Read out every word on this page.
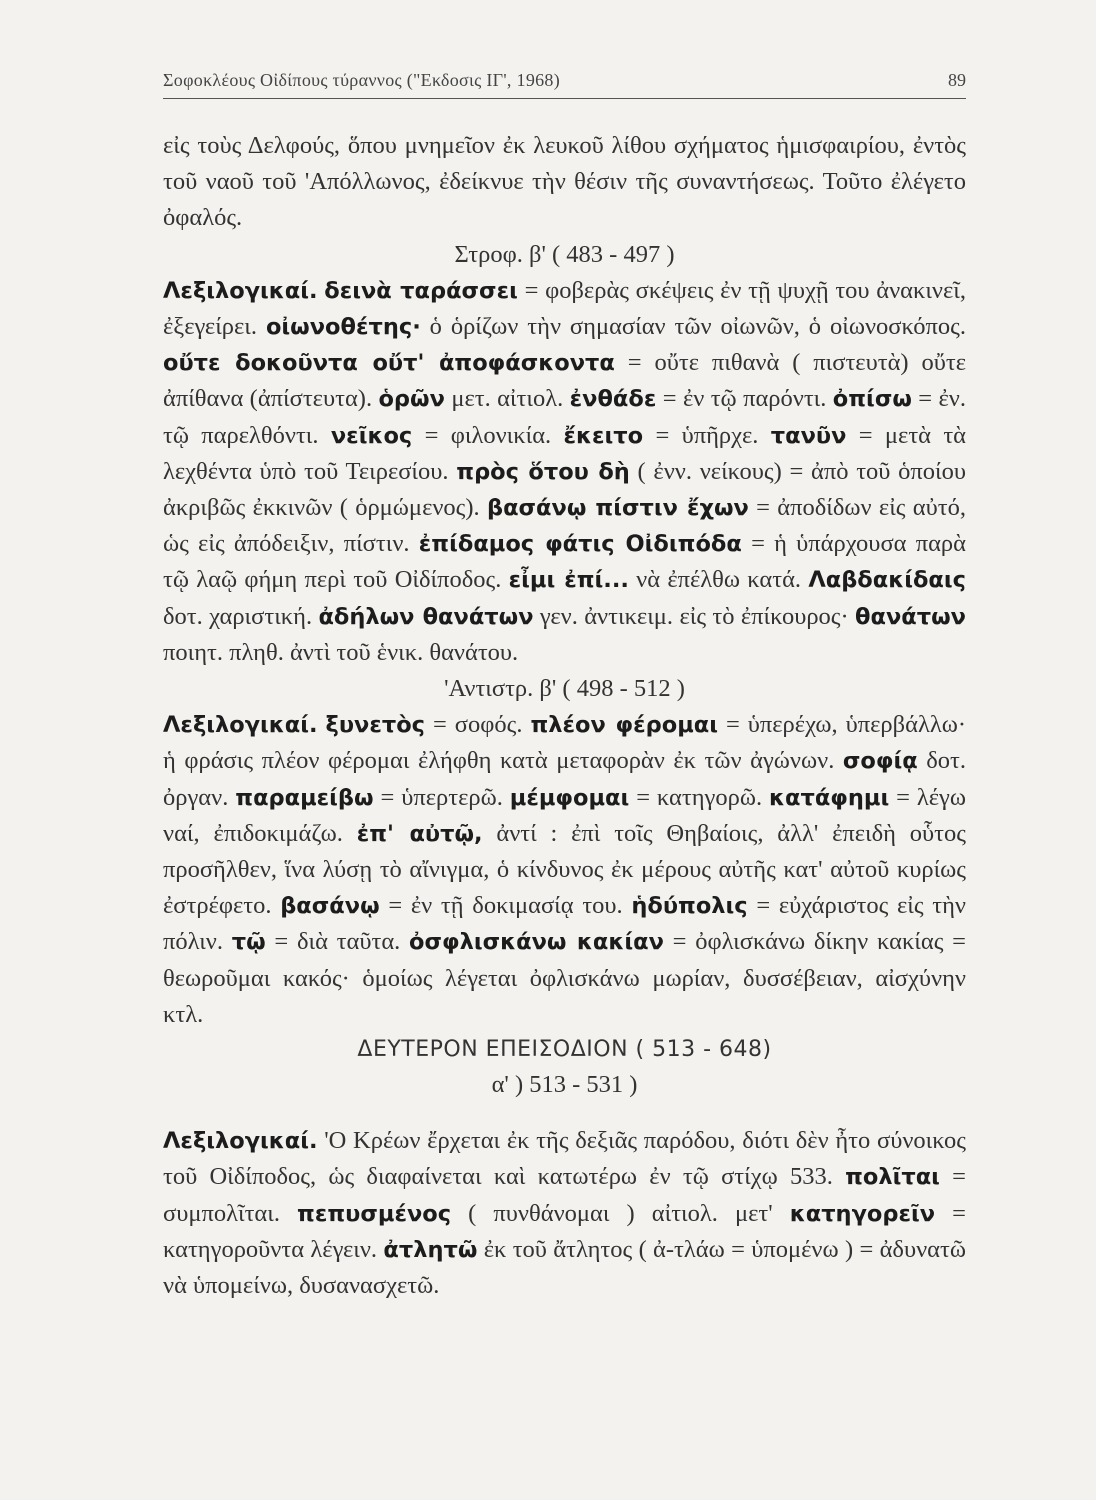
Σοφοκλέους Οἰδίπους τύραννος ("Εκδοσις ΙΓ', 1968)	89

εἰς τοὺς Δελφούς, ὅπου μνημεῖον ἐκ λευκοῦ λίθου σχήματος ἡμισφαιρίου, ἐντὸς τοῦ ναοῦ τοῦ 'Απόλλωνος, ἐδείκνυε τὴν θέσιν τῆς συναντήσεως. Τοῦτο ἐλέγετο ὀφαλός.

Στροφ. β' ( 483 - 497 )

Λεξιλογικαί. δεινὰ ταράσσει = φοβερὰς σκέψεις ἐν τῇ ψυχῇ του ἀνακινεῖ, ἐξεγείρει. οἰωνοθέτης· ὁ ὁρίζων τὴν σημασίαν τῶν οἰωνῶν, ὁ οἰωνοσκόπος. οὔτε δοκοῦντα οὔτ' ἀποφάσκοντα = οὔτε πιθανὰ ( πιστευτὰ) οὔτε ἀπίθανα (ἀπίστευτα). ὁρῶν μετ. αἰτιολ. ἐνθάδε = ἐν τῷ παρόντι. ὀπίσω = ἐν. τῷ παρελθόντι. νεῖκος = φιλονικία. ἔκειτο = ὑπῆρχε. τανῦν = μετὰ τὰ λεχθέντα ὑπὸ τοῦ Τειρεσίου. πρὸς ὅτου δὴ ( ἐνν. νείκους) = ἀπὸ τοῦ ὁποίου ἀκριβῶς ἐκκινῶν ( ὁρμώμενος). βασάνῳ πίστιν ἔχων = ἀποδίδων εἰς αὐτό, ὡς εἰς ἀπόδειξιν, πίστιν. ἐπίδαμος φάτις Οἰδιπόδα = ἡ ὑπάρχουσα παρὰ τῷ λαῷ φήμη περὶ τοῦ Οἰδίποδος. εἶμι ἐπί... νὰ ἐπέλθω κατά. Λαβδακίδαις δοτ. χαριστική. ἀδήλων θανάτων γεν. ἀντικειμ. εἰς τὸ ἐπίκουρος· θανάτων ποιητ. πληθ. ἀντὶ τοῦ ἑνικ. θανάτου.

'Αντιστρ. β' ( 498 - 512 )

Λεξιλογικαί. ξυνετὸς = σοφός. πλέον φέρομαι = ὑπερέχω, ὑπερβάλλω· ἡ φράσις πλέον φέρομαι ἐλήφθη κατὰ μεταφορὰν ἐκ τῶν ἀγώνων. σοφίᾳ δοτ. ὀργαν. παραμείβω = ὑπερτερῶ. μέμφομαι = κατηγορῶ. κατάφημι = λέγω ναί, ἐπιδοκιμάζω. ἐπ' αὐτῷ, ἀντί : ἐπὶ τοῖς Θηβαίοις, ἀλλ' ἐπειδὴ οὗτος προσῆλθεν, ἵνα λύσῃ τὸ αἴνιγμα, ὁ κίνδυνος ἐκ μέρους αὐτῆς κατ' αὐτοῦ κυρίως ἐστρέφετο. βασάνῳ = ἐν τῇ δοκιμασίᾳ του. ἡδύπολις = εὐχάριστος εἰς τὴν πόλιν. τῷ = διὰ ταῦτα. ὀσφλισκάνω κακίαν = ὀφλισκάνω δίκην κακίας = θεωροῦμαι κακός· ὁμοίως λέγεται ὀφλισκάνω μωρίαν, δυσσέβειαν, αἰσχύνην κτλ.

ΔΕΥΤΕΡΟΝ ΕΠΕΙΣΟΔΙΟΝ ( 513 - 648)

α' ) 513 - 531 )

Λεξιλογικαί. 'Ο Κρέων ἔρχεται ἐκ τῆς δεξιᾶς παρόδου, διότι δὲν ἦτο σύνοικος τοῦ Οἰδίποδος, ὡς διαφαίνεται καὶ κατωτέρω ἐν τῷ στίχῳ 533. πολῖται = συμπολῖται. πεπυσμένος ( πυνθάνομαι ) αἰτιολ. μετ' κατηγορεῖν = κατηγοροῦντα λέγειν. ἀτλητῶ ἐκ τοῦ ἄτλητος ( ἀ-τλάω = ὑπομένω ) = ἀδυνατῶ νὰ ὑπομείνω, δυσανασχετῶ.
